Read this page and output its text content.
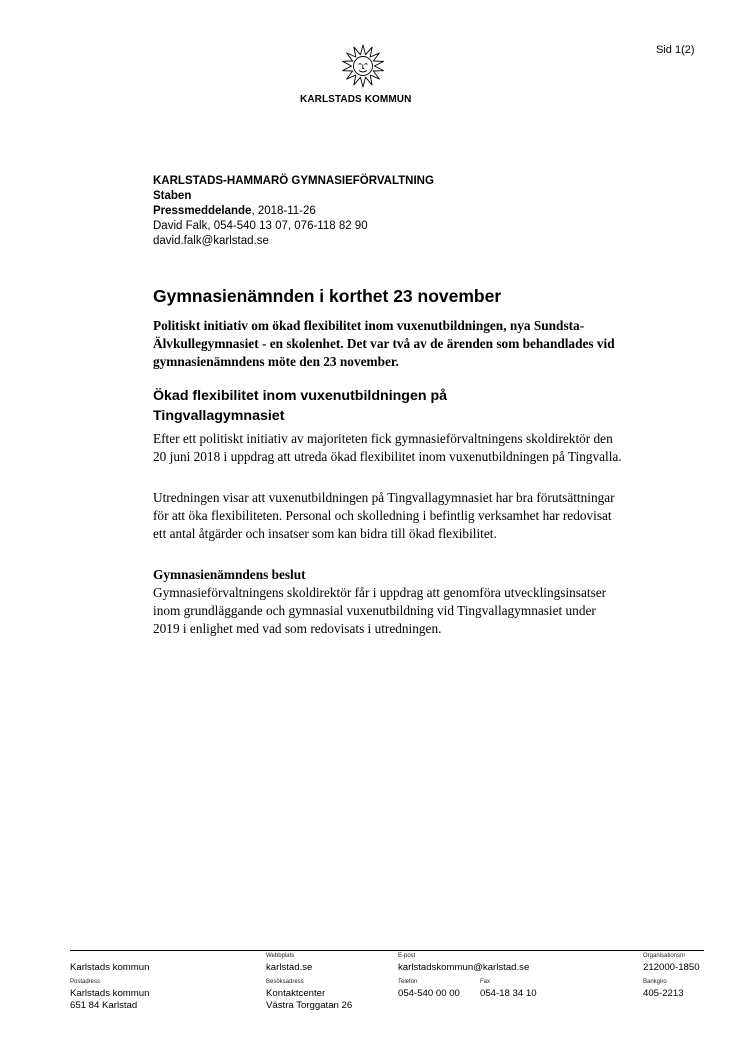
Sid 1(2)
KARLSTADS KOMMUN
KARLSTADS-HAMMARÖ GYMNASIEFÖRVALTNING
Staben
Pressmeddelande, 2018-11-26
David Falk, 054-540 13 07, 076-118 82 90
david.falk@karlstad.se
Gymnasienämnden i korthet 23 november
Politiskt initiativ om ökad flexibilitet inom vuxenutbildningen, nya Sundsta-Älvkullegymnasiet - en skolenhet. Det var två av de ärenden som behandlades vid gymnasienämndens möte den 23 november.
Ökad flexibilitet inom vuxenutbildningen på Tingvallagymnasiet
Efter ett politiskt initiativ av majoriteten fick gymnasieförvaltningens skoldirektör den 20 juni 2018 i uppdrag att utreda ökad flexibilitet inom vuxenutbildningen på Tingvalla.
Utredningen visar att vuxenutbildningen på Tingvallagymnasiet har bra förutsättningar för att öka flexibiliteten. Personal och skolledning i befintlig verksamhet har redovisat ett antal åtgärder och insatser som kan bidra till ökad flexibilitet.
Gymnasienämndens beslut
Gymnasieförvaltningens skoldirektör får i uppdrag att genomföra utvecklingsinsatser inom grundläggande och gymnasial vuxenutbildning vid Tingvallagymnasiet under 2019 i enlighet med vad som redovisats i utredningen.
Karlstads kommun
Webbplats
karlstad.se
E-post
karlstadskommun@karlstad.se
Organisationsnr
212000-1850
Postadress
Karlstads kommun
651 84 Karlstad
Besöksadress
Kontaktcenter
Västra Torggatan 26
Telefon
054-540 00 00
Fax
054-18 34 10
Bankgiro
405-2213
